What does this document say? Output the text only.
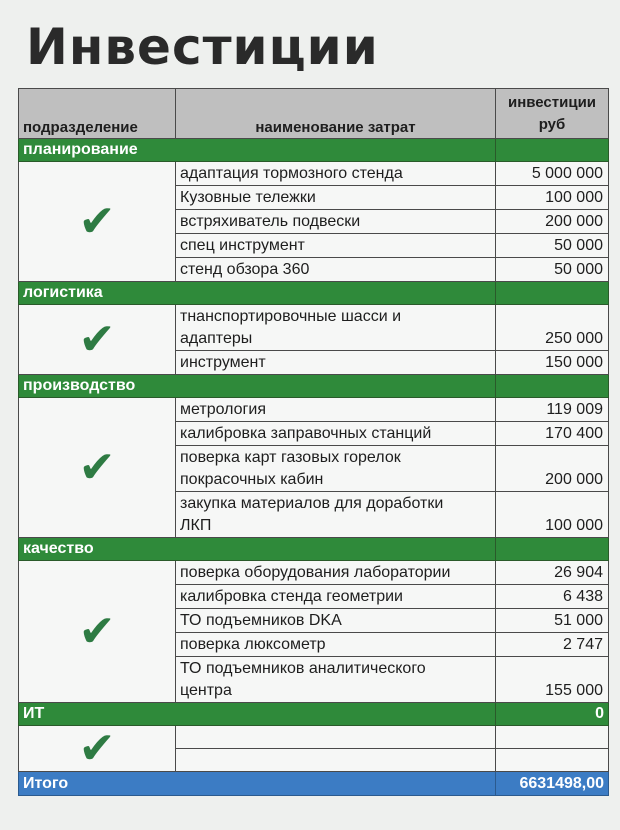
Инвестиции
подразделение	наименование затрат	инвестиции
руб

планирование		
✔	адаптация тормозного стенда	5 000 000
	Кузовные тележки	100 000
	встряхиватель подвески	200 000
	спец инструмент	50 000
	стенд обзора 360	50 000
логистика		
✔	тнанспортировочные шасси и
адаптеры	250 000
	инструмент	150 000
производство		
✔	метрология	119 009
	калибровка заправочных станций	170 400

	поверка карт газовых горелок
покрасочных кабин	200 000

	закупка материалов для доработки
ЛКП	100 000
качество		
✔	поверка оборудования лаборатории	26 904
	калибровка стенда геометрии	6 438
	ТО подъемников DKA	51 000
	поверка люксометр	2 747

	ТО подъемников аналитического
центра	155 000
ИТ		0
✔		

Итого		6631498,00
